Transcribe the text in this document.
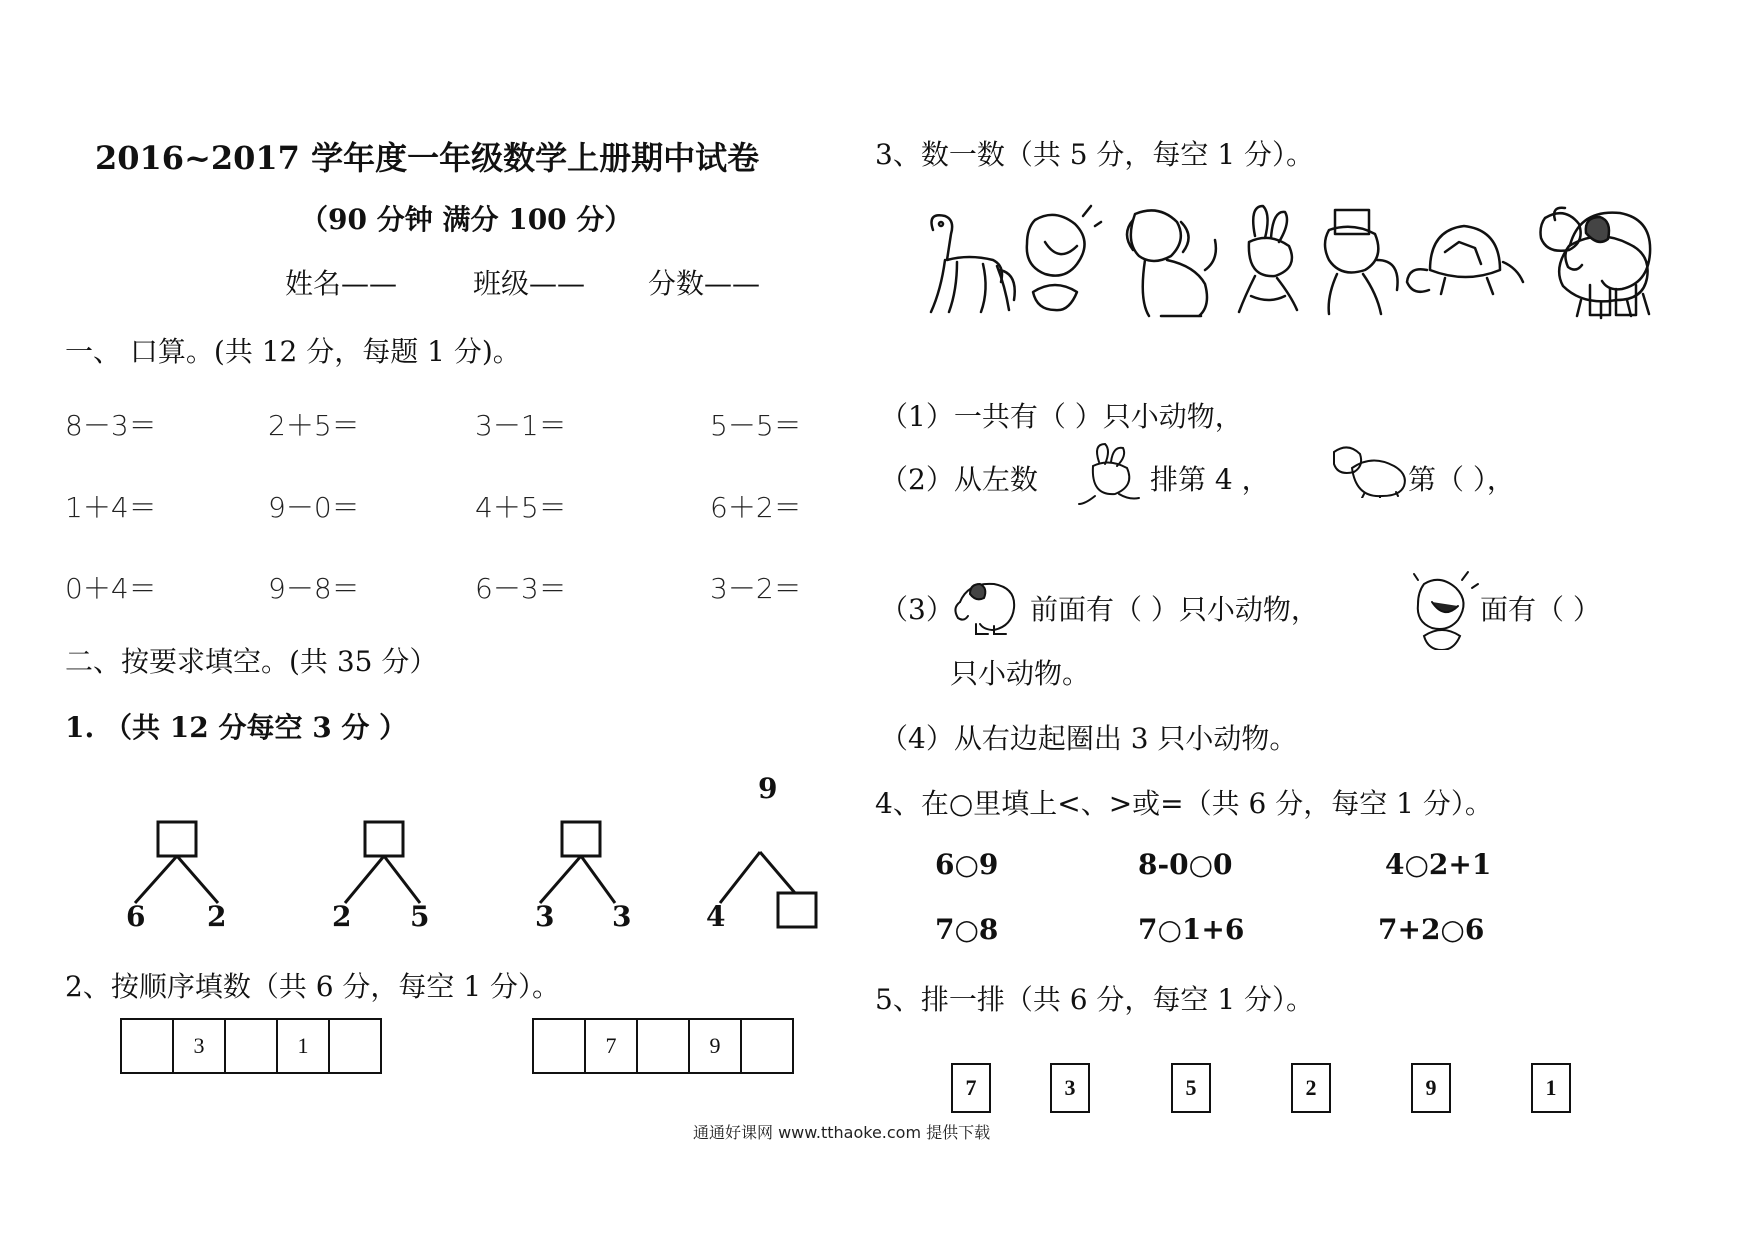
2016~2017 学年度一年级数学上册期中试卷
（90 分钟 满分 100 分）
姓名——	班级—— 分数——
一、 口算。(共 12 分，每题 1 分)。
8－3＝	2＋5＝	3－1＝	5－5＝
1＋4＝	9－0＝	4＋5＝	6＋2＝
0＋4＝	9－8＝	6－3＝	3－2＝
二、按要求填空。(共 35 分）
1. （共 12 分每空 3 分 ）
6 2	2 5	3 3
9
4
2、按顺序填数（共 6 分，每空 1 分）。
3	1	7	9
3、数一数（共 5 分，每空 1 分）。
（1）一共有（ ）只小动物，
（2）从左数	排第 4 ，	第（ ），
（3）	前面有（ ）只小动物，	面有（ ）
只小动物。
（4）从右边起圈出 3 只小动物。
4、在○里填上<、>或=（共 6 分，每空 1 分）。
6○9	8-0○0	4○2+1
7○8	7○1+6	7+2○6
5、排一排（共 6 分，每空 1 分）。
7	3	5	2	9	1
通通好课网 www.tthaoke.com 提供下载
